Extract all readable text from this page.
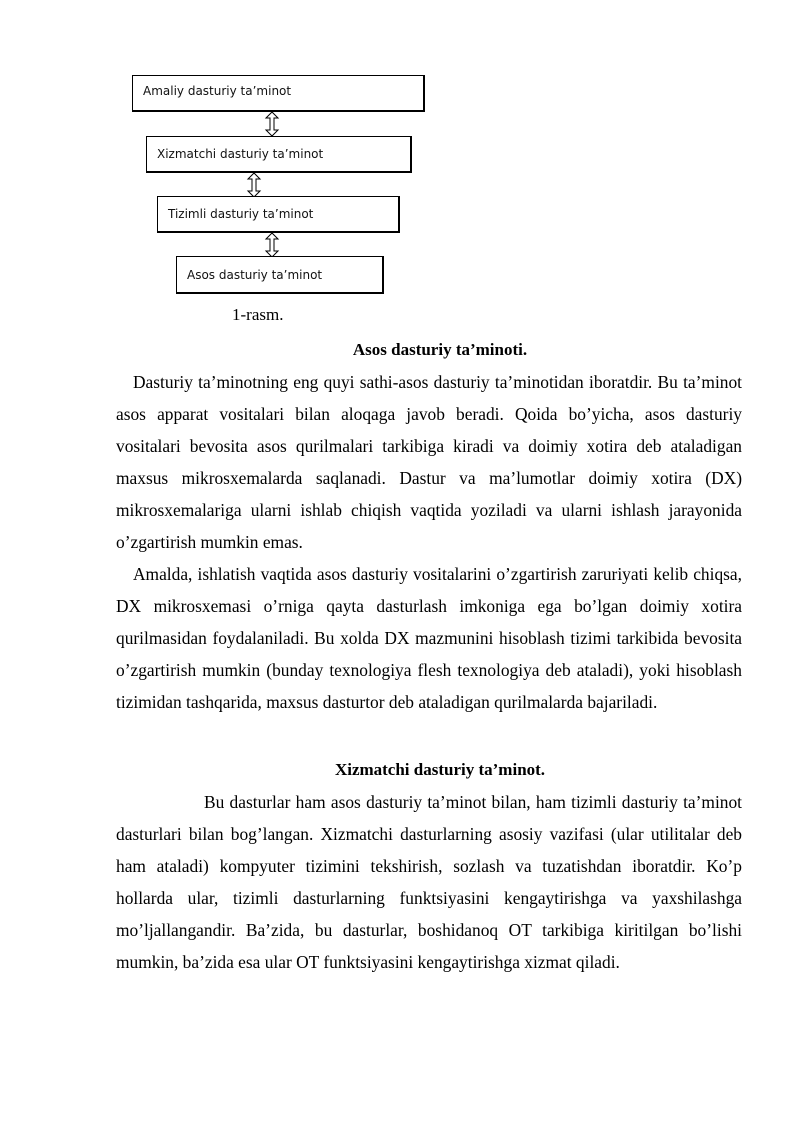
Amaliy dasturiy ta’minot
Xizmatchi dasturiy ta’minot
Tizimli dasturiy ta’minot
Asos dasturiy ta’minot
1-rasm.
Asos dasturiy ta’minoti.

Dasturiy ta’minotning eng quyi sathi-asos dasturiy ta’minotidan iboratdir. Bu ta’minot asos apparat vositalari bilan aloqaga javob beradi. Qoida bo’yicha, asos dasturiy vositalari bevosita asos qurilmalari tarkibiga kiradi va doimiy xotira deb ataladigan maxsus mikrosxemalarda saqlanadi. Dastur va ma’lumotlar doimiy xotira (DX) mikrosxemalariga ularni ishlab chiqish vaqtida yoziladi va ularni ishlash jarayonida o’zgartirish mumkin emas.

Amalda, ishlatish vaqtida asos dasturiy vositalarini o’zgartirish zaruriyati kelib chiqsa, DX mikrosxemasi o’rniga qayta dasturlash imkoniga ega bo’lgan doimiy xotira qurilmasidan foydalaniladi. Bu xolda DX mazmunini hisoblash tizimi tarkibida bevosita o’zgartirish mumkin (bunday texnologiya flesh texnologiya deb ataladi), yoki hisoblash tizimidan tashqarida, maxsus dasturtor deb ataladigan qurilmalarda bajariladi.

Xizmatchi dasturiy ta’minot.

Bu dasturlar ham asos dasturiy ta’minot bilan, ham tizimli dasturiy ta’minot dasturlari bilan bog’langan. Xizmatchi dasturlarning asosiy vazifasi (ular utilitalar deb ham ataladi) kompyuter tizimini tekshirish, sozlash va tuzatishdan iboratdir. Ko’p hollarda ular, tizimli dasturlarning funktsiyasini kengaytirishga va yaxshilashga mo’ljallangandir. Ba’zida, bu dasturlar, boshidanoq OT tarkibiga kiritilgan bo’lishi mumkin, ba’zida esa ular OT funktsiyasini kengaytirishga xizmat qiladi.
